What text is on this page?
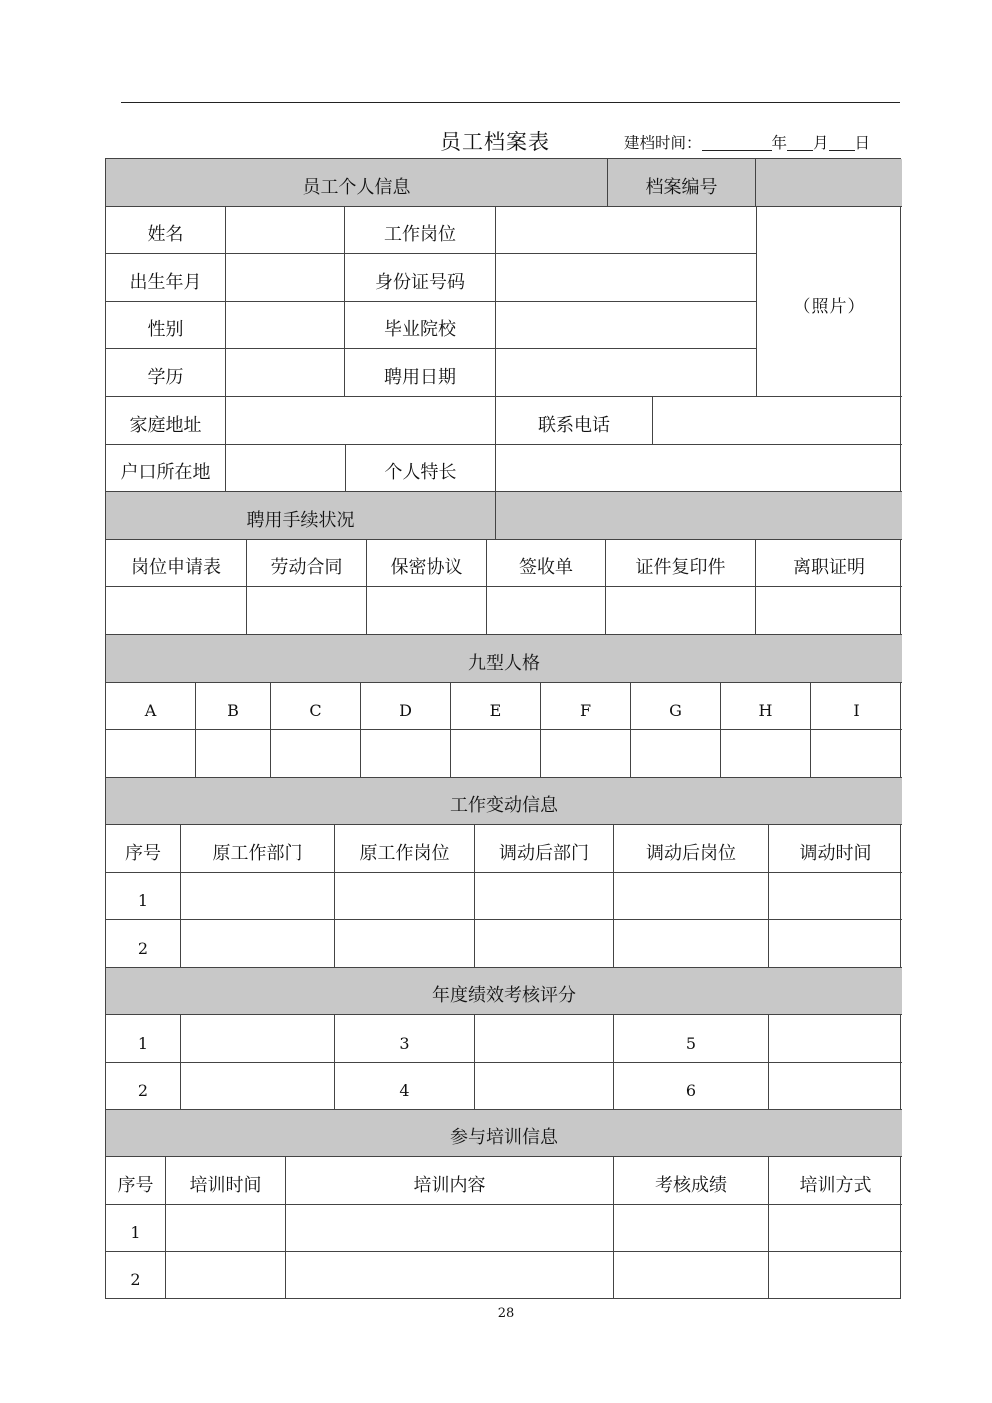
员工档案表	建档时间：	年 月 日
员工个人信息	档案编号
姓名	工作岗位
出生年月	身份证号码
性别	毕业院校
学历	聘用日期
（照片）
家庭地址	联系电话
户口所在地	个人特长
聘用手续状况
岗位申请表	劳动合同	保密协议	签收单	证件复印件	离职证明
九型人格
A	B	C	D	E	F	G	H	I
工作变动信息
序号	原工作部门	原工作岗位	调动后部门	调动后岗位	调动时间
1
2
年度绩效考核评分
1	3	5
2	4	6
参与培训信息
序号	培训时间	培训内容	考核成绩	培训方式
1
2
28
